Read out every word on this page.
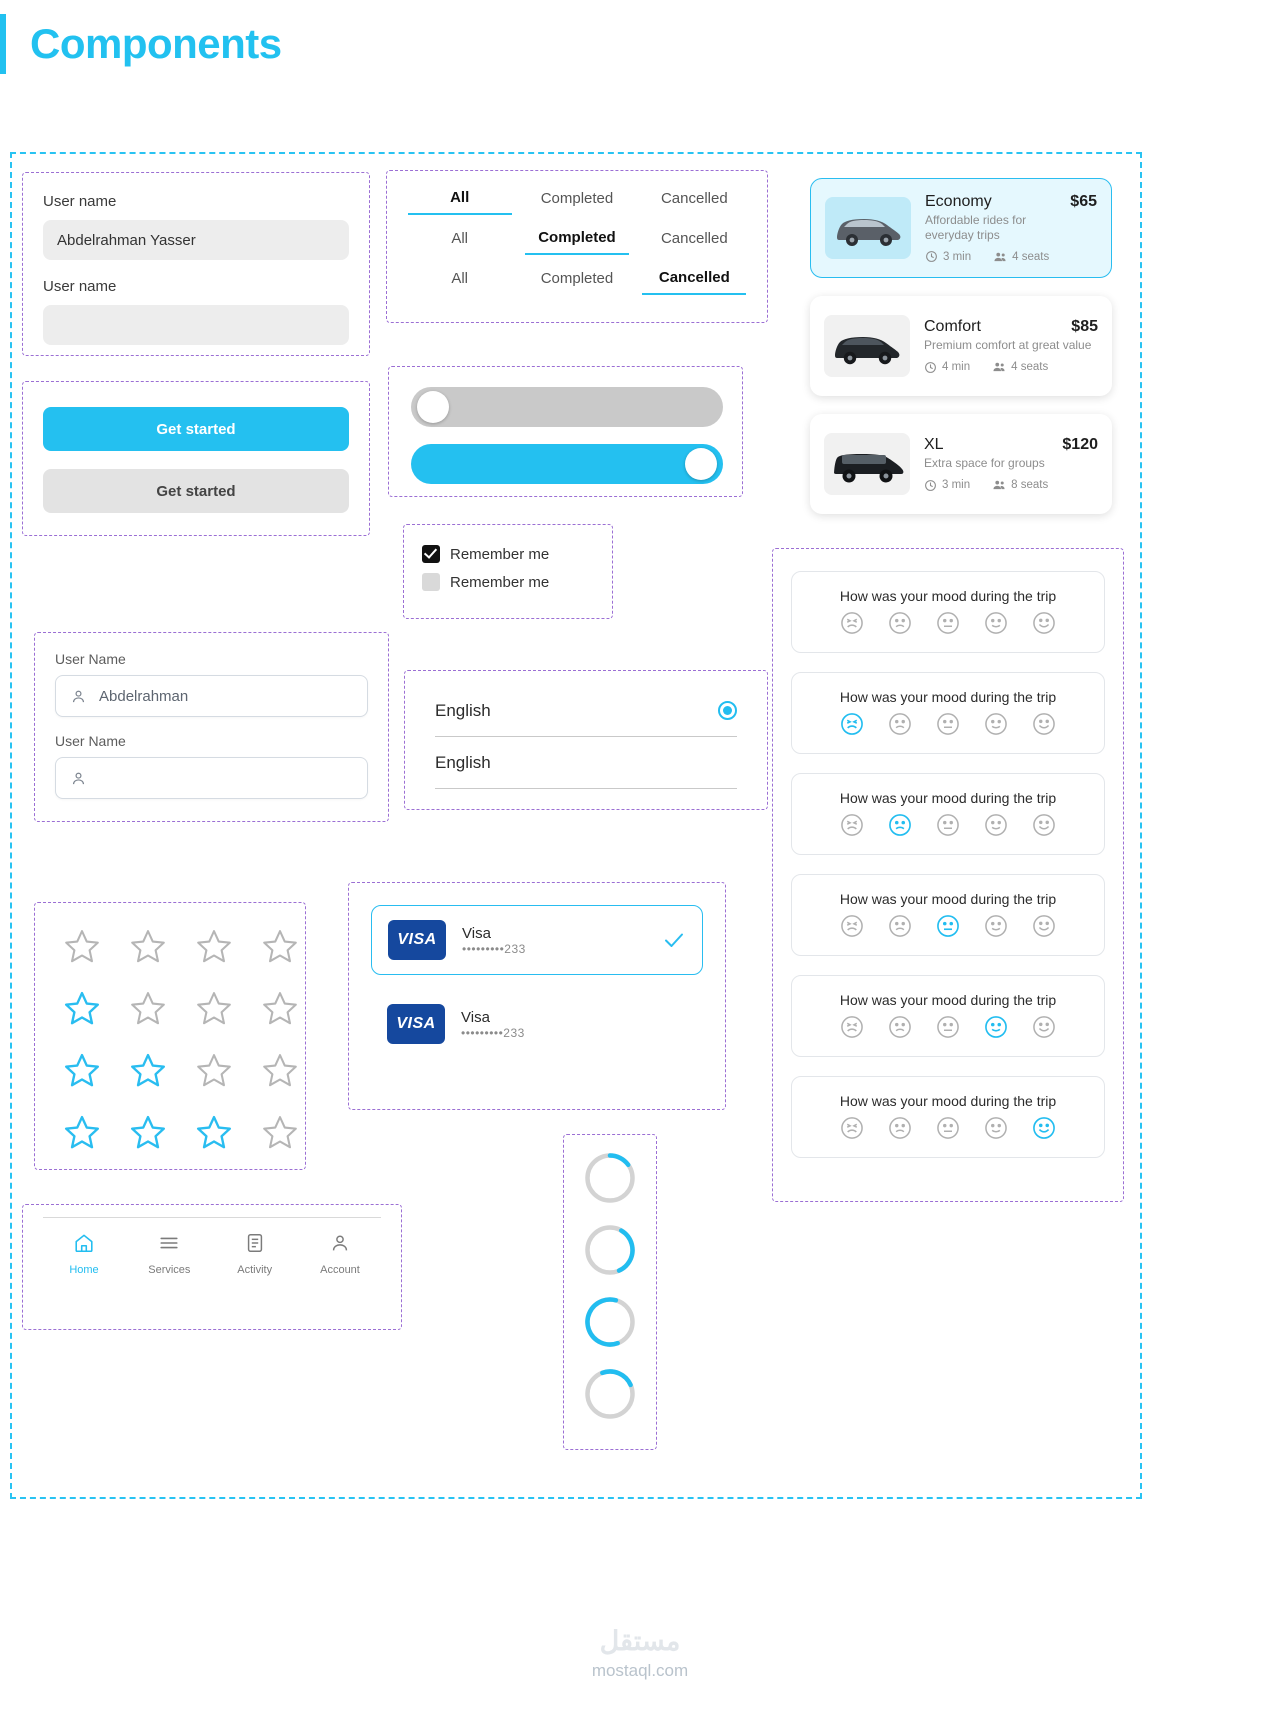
Components
User name
Abdelrahman Yasser
User name
Get started
Get started
All	Completed	Cancelled
All	Completed	Cancelled
All	Completed	Cancelled
Remember me
Remember me
User Name
Abdelrahman
User Name
English
English
VISA	Visa
•••••••••233
VISA	Visa
•••••••••233
Home	Services	Activity	Account
Economy	$65
Affordable rides for everyday trips
3 min	4 seats
Comfort	$85
Premium comfort at great value
4 min	4 seats
XL	$120
Extra space for groups
3 min	8 seats
How was your mood during the trip
How was your mood during the trip
How was your mood during the trip
How was your mood during the trip
How was your mood during the trip
How was your mood during the trip
مستقل
mostaql.com
